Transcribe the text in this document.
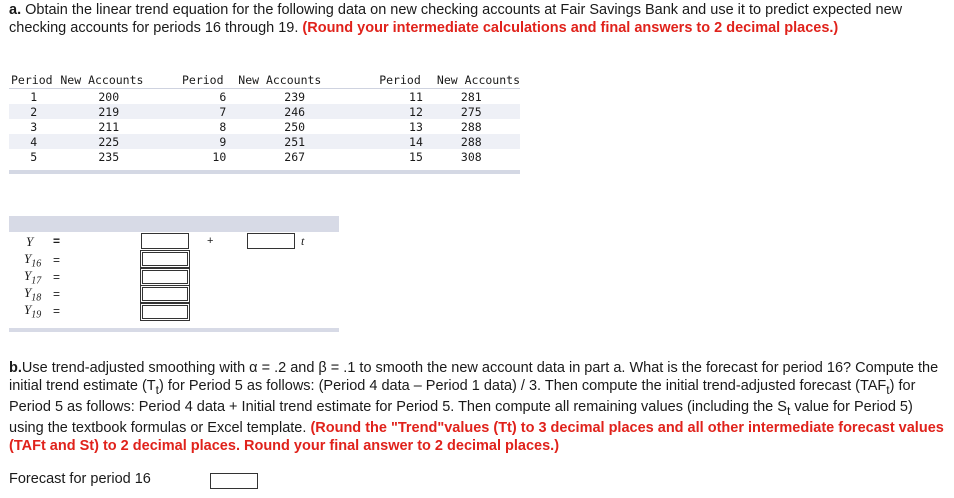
a. Obtain the linear trend equation for the following data on new checking accounts at Fair Savings Bank and use it to predict expected new checking accounts for periods 16 through 19. (Round your intermediate calculations and final answers to 2 decimal places.)
Period	New Accounts	Period	New Accounts	Period	New Accounts
1	200	6	239	11	281
2	219	7	246	12	275
3	211	8	250	13	288
4	225	9	251	14	288
5	235	10	267	15	308
Y =	+	t
$Y_{16}$ =
$Y_{17}$ =
$Y_{18}$ =
$Y_{19}$ =
b.Use trend-adjusted smoothing with α = .2 and β = .1 to smooth the new account data in part a. What is the forecast for period 16? Compute the initial trend estimate $(T_t)$ for Period 5 as follows: (Period 4 data – Period 1 data) / 3. Then compute the initial trend-adjusted forecast $(TAF_t)$ for Period 5 as follows: Period 4 data + Initial trend estimate for Period 5. Then compute all remaining values (including the $S_t$ value for Period 5) using the textbook formulas or Excel template. (Round the "Trend"values (Tt) to 3 decimal places and all other intermediate forecast values (TAFt and St) to 2 decimal places. Round your final answer to 2 decimal places.)
Forecast for period 16
